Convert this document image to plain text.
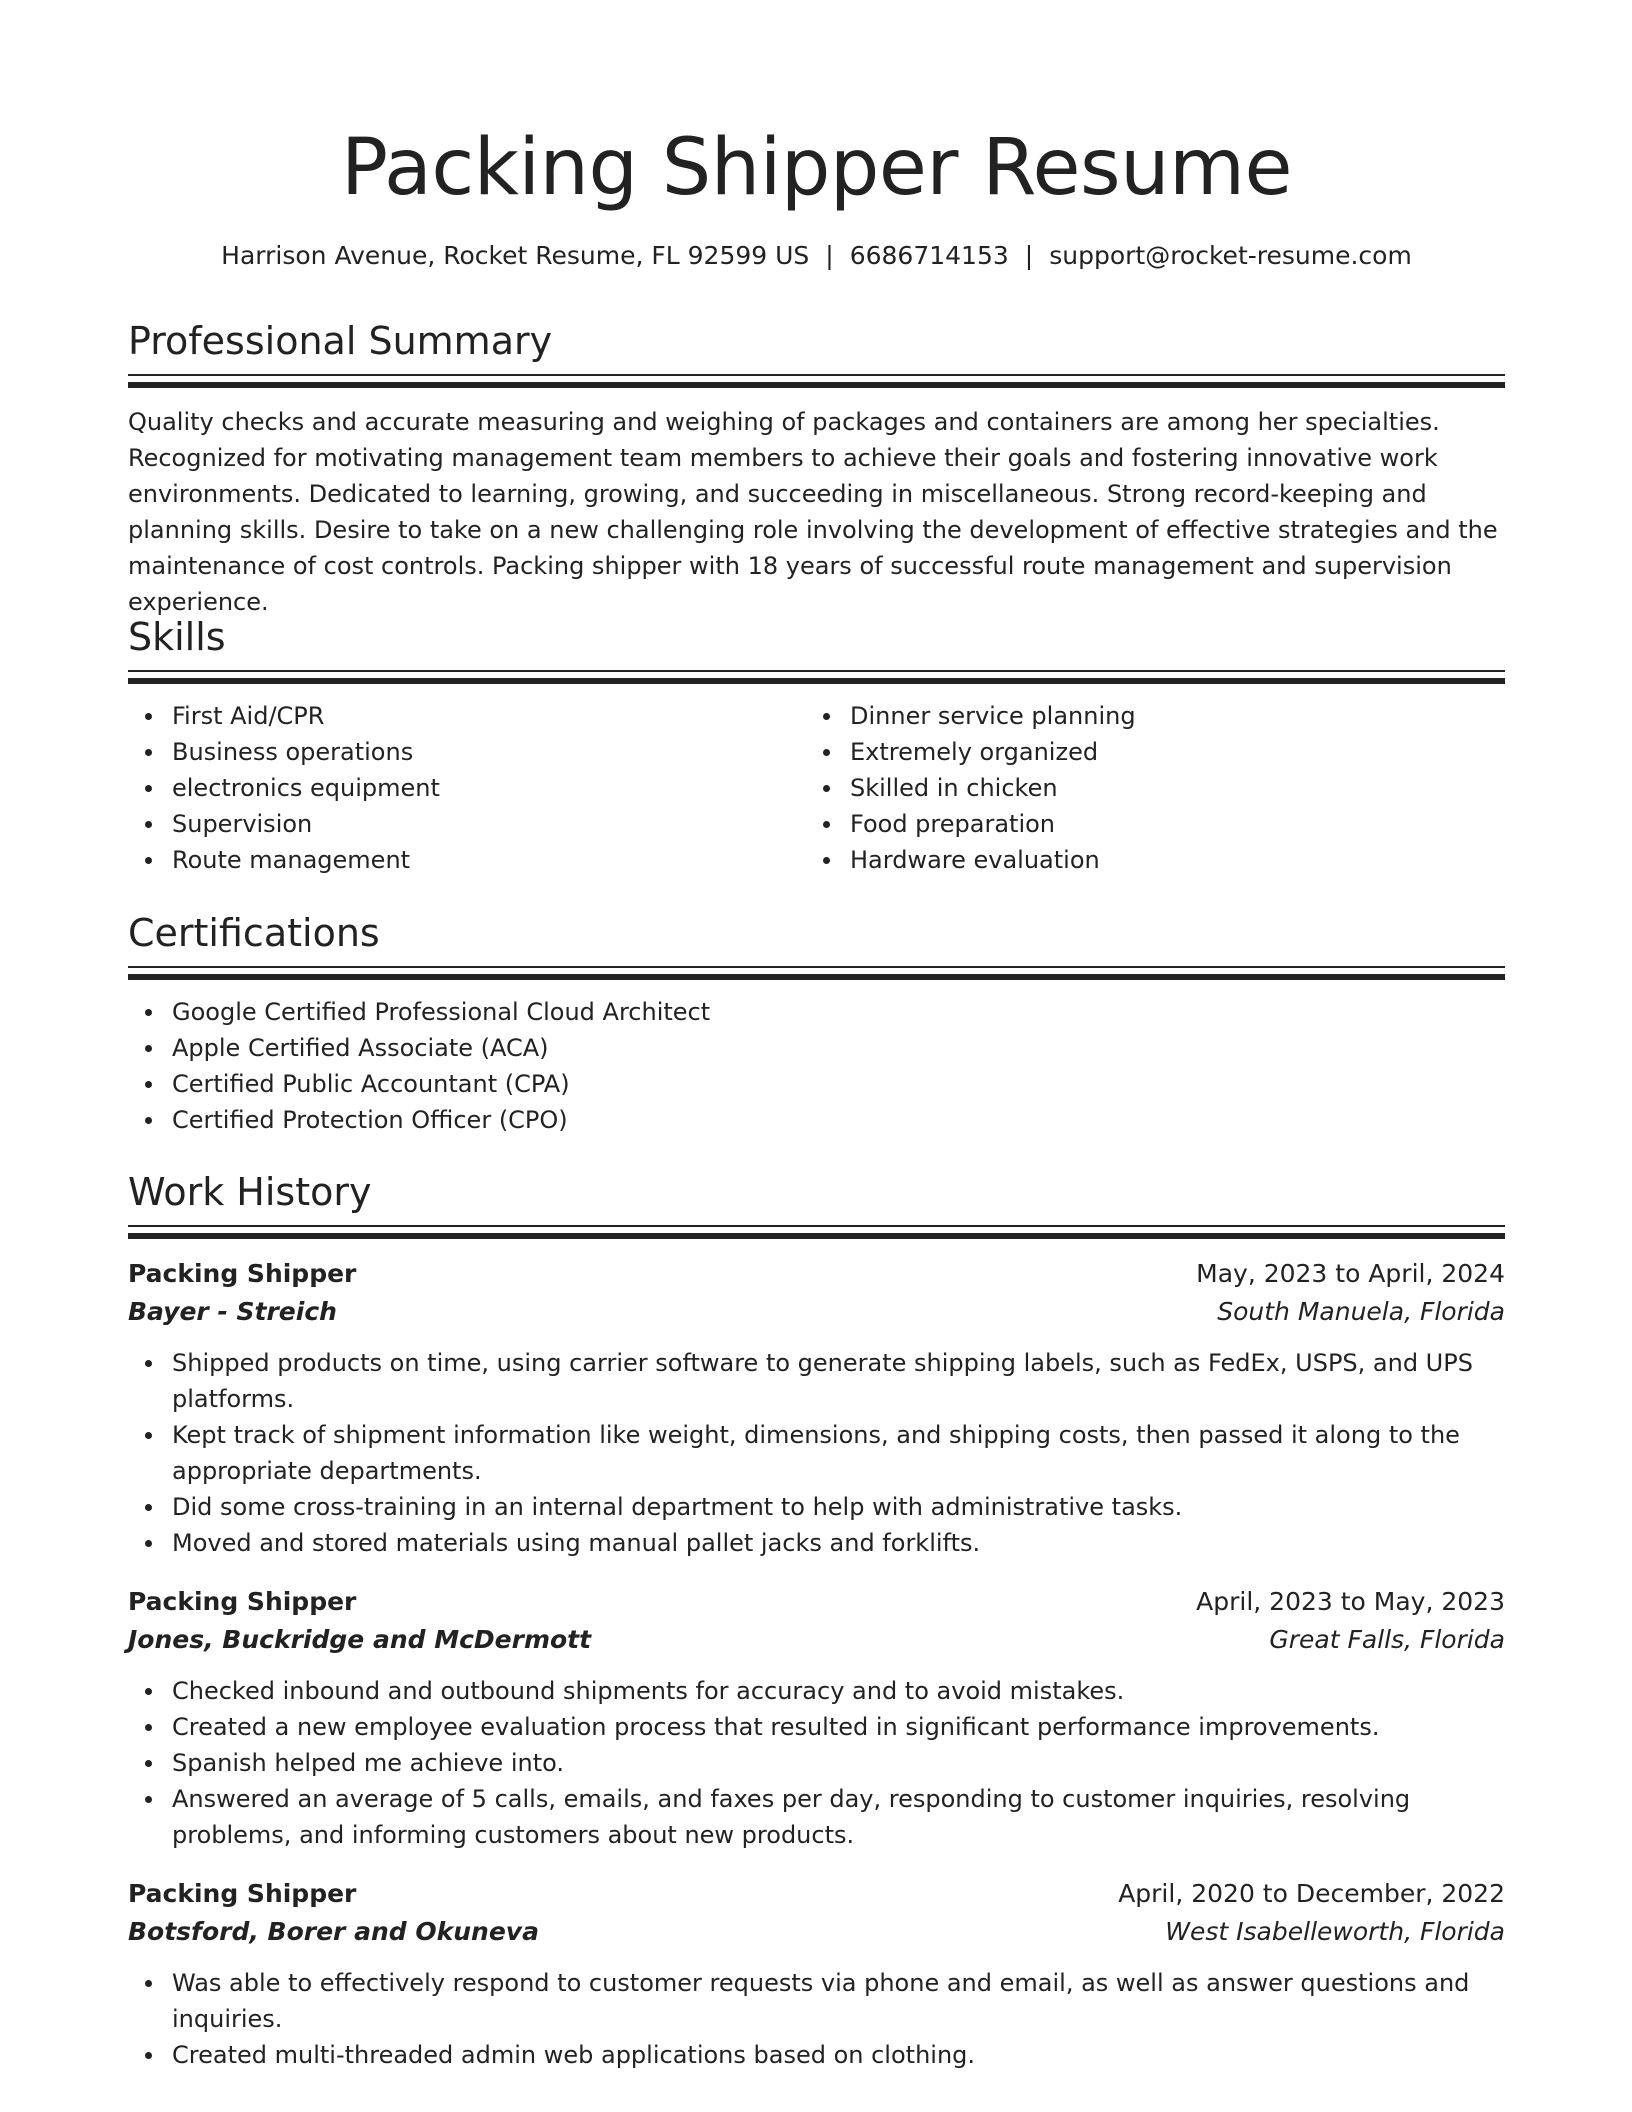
Packing Shipper Resume
Harrison Avenue, Rocket Resume, FL 92599 US | 6686714153 | support@rocket-resume.com
Professional Summary
Quality checks and accurate measuring and weighing of packages and containers are among her specialties. Recognized for motivating management team members to achieve their goals and fostering innovative work environments. Dedicated to learning, growing, and succeeding in miscellaneous. Strong record-keeping and planning skills. Desire to take on a new challenging role involving the development of effective strategies and the maintenance of cost controls. Packing shipper with 18 years of successful route management and supervision experience.
Skills
First Aid/CPR
Business operations
electronics equipment
Supervision
Route management
Dinner service planning
Extremely organized
Skilled in chicken
Food preparation
Hardware evaluation
Certifications
Google Certified Professional Cloud Architect
Apple Certified Associate (ACA)
Certified Public Accountant (CPA)
Certified Protection Officer (CPO)
Work History
Packing Shipper	May, 2023 to April, 2024
Bayer - Streich	South Manuela, Florida
Shipped products on time, using carrier software to generate shipping labels, such as FedEx, USPS, and UPS platforms.
Kept track of shipment information like weight, dimensions, and shipping costs, then passed it along to the appropriate departments.
Did some cross-training in an internal department to help with administrative tasks.
Moved and stored materials using manual pallet jacks and forklifts.
Packing Shipper	April, 2023 to May, 2023
Jones, Buckridge and McDermott	Great Falls, Florida
Checked inbound and outbound shipments for accuracy and to avoid mistakes.
Created a new employee evaluation process that resulted in significant performance improvements.
Spanish helped me achieve into.
Answered an average of 5 calls, emails, and faxes per day, responding to customer inquiries, resolving problems, and informing customers about new products.
Packing Shipper	April, 2020 to December, 2022
Botsford, Borer and Okuneva	West Isabelleworth, Florida
Was able to effectively respond to customer requests via phone and email, as well as answer questions and inquiries.
Created multi-threaded admin web applications based on clothing.
